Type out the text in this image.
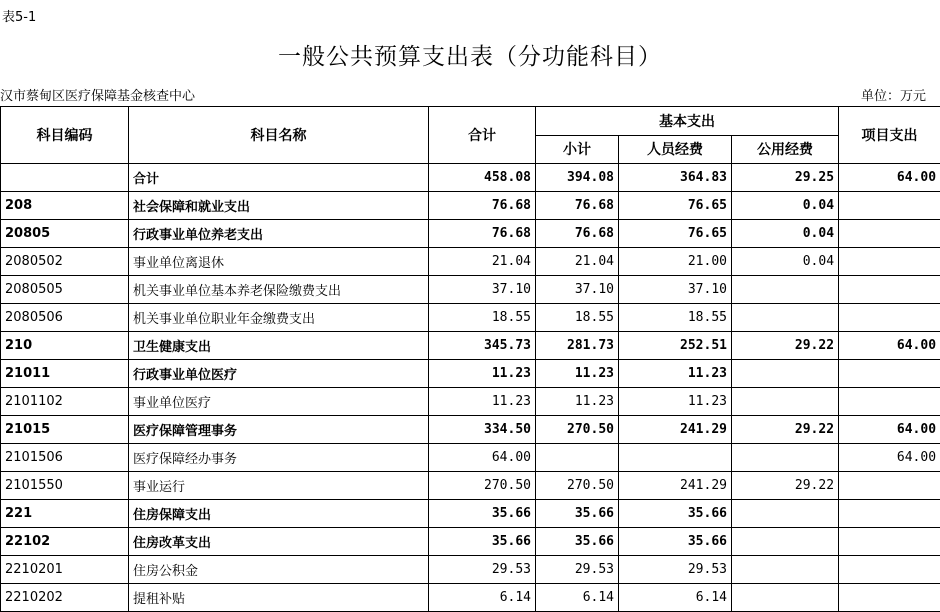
表5-1
一般公共预算支出表（分功能科目）
汉市蔡甸区医疗保障基金核查中心	单位：万元
科目编码	科目名称	合计	基本支出			项目支出
			小计	人员经费	公用经费	
	合计	458.08	394.08	364.83	29.25	64.00
208	社会保障和就业支出	76.68	76.68	76.65	0.04	
20805	行政事业单位养老支出	76.68	76.68	76.65	0.04	
2080502	事业单位离退休	21.04	21.04	21.00	0.04	
2080505	机关事业单位基本养老保险缴费支出	37.10	37.10	37.10		
2080506	机关事业单位职业年金缴费支出	18.55	18.55	18.55		
210	卫生健康支出	345.73	281.73	252.51	29.22	64.00
21011	行政事业单位医疗	11.23	11.23	11.23		
2101102	事业单位医疗	11.23	11.23	11.23		
21015	医疗保障管理事务	334.50	270.50	241.29	29.22	64.00
2101506	医疗保障经办事务	64.00				64.00
2101550	事业运行	270.50	270.50	241.29	29.22	
221	住房保障支出	35.66	35.66	35.66		
22102	住房改革支出	35.66	35.66	35.66		
2210201	住房公积金	29.53	29.53	29.53		
2210202	提租补贴	6.14	6.14	6.14		
